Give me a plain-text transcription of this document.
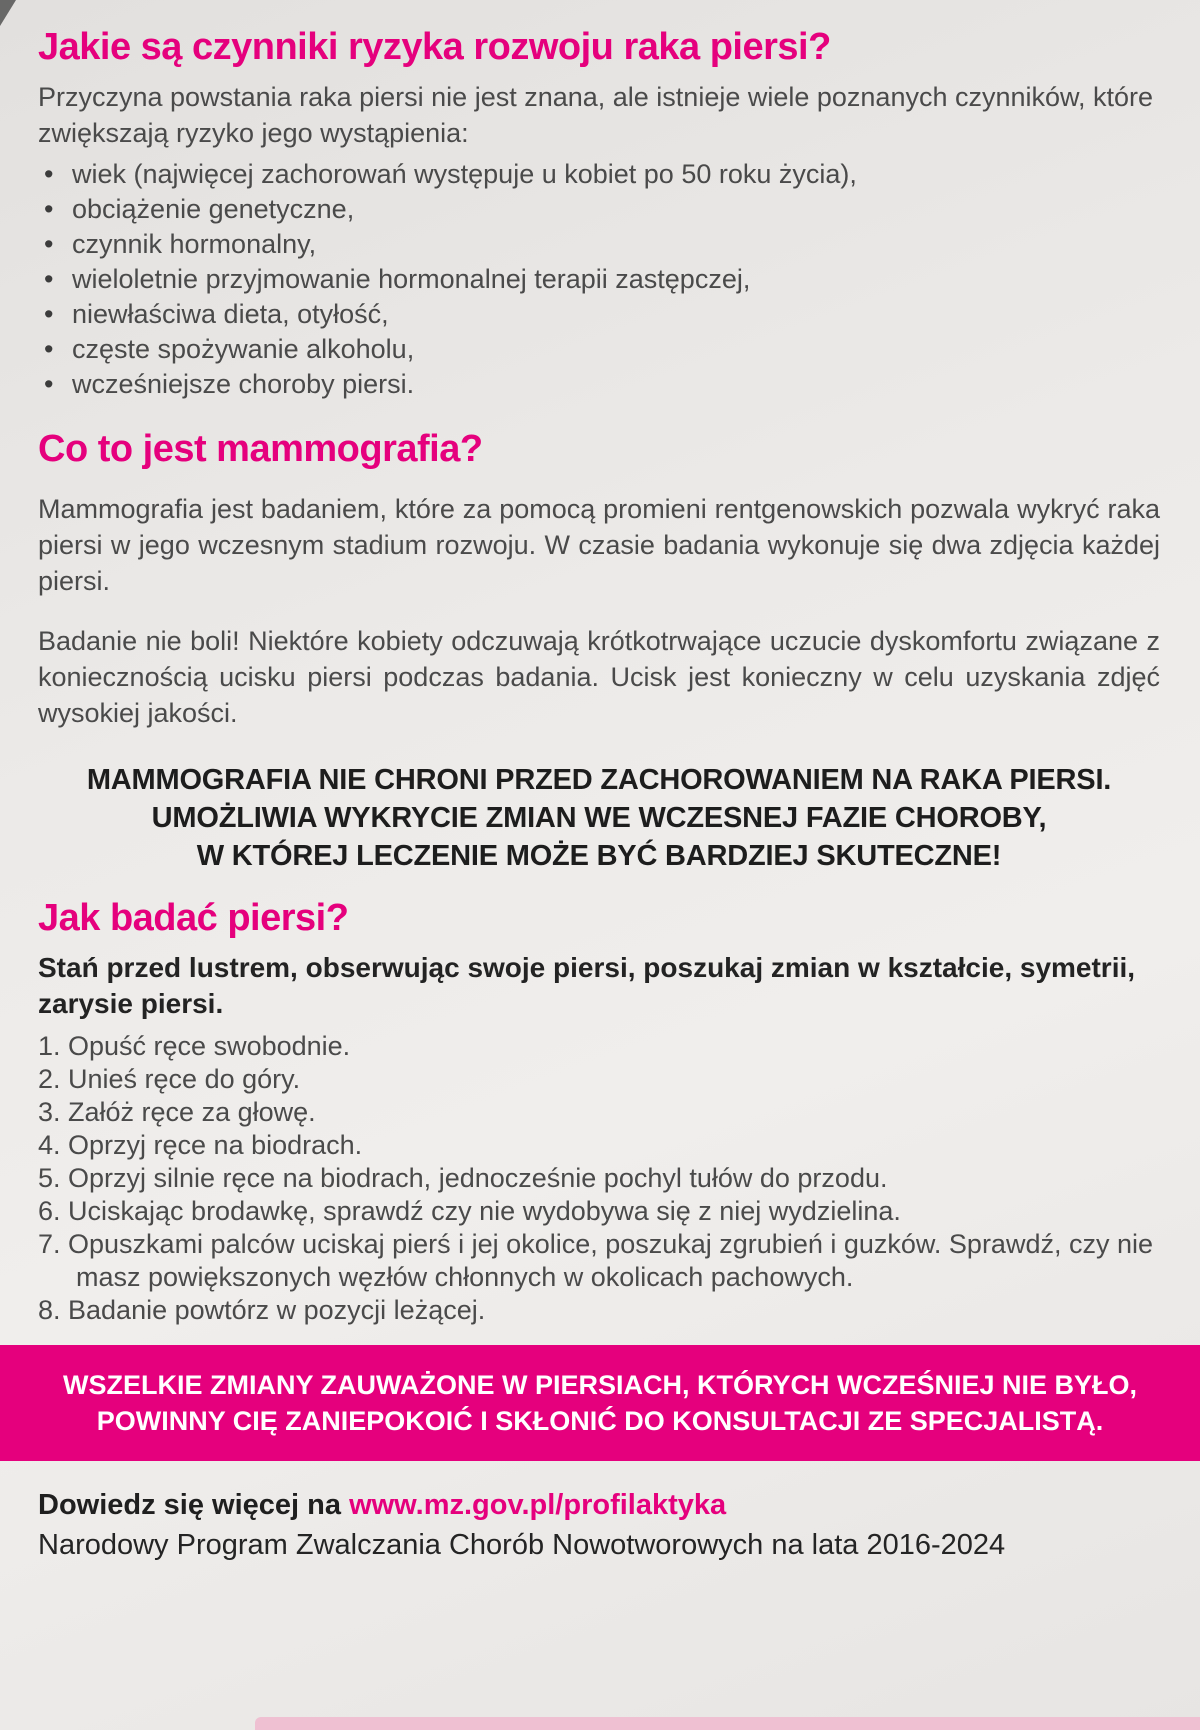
Jakie są czynniki ryzyka rozwoju raka piersi?

Przyczyna powstania raka piersi nie jest znana, ale istnieje wiele poznanych czynników, które zwiększają ryzyko jego wystąpienia:

• wiek (najwięcej zachorowań występuje u kobiet po 50 roku życia),
• obciążenie genetyczne,
• czynnik hormonalny,
• wieloletnie przyjmowanie hormonalnej terapii zastępczej,
• niewłaściwa dieta, otyłość,
• częste spożywanie alkoholu,
• wcześniejsze choroby piersi.
Co to jest mammografia?

Mammografia jest badaniem, które za pomocą promieni rentgenowskich pozwala wykryć raka piersi w jego wczesnym stadium rozwoju. W czasie badania wykonuje się dwa zdjęcia każdej piersi.

Badanie nie boli! Niektóre kobiety odczuwają krótkotrwające uczucie dyskomfortu związane z koniecznością ucisku piersi podczas badania. Ucisk jest konieczny w celu uzyskania zdjęć wysokiej jakości.

MAMMOGRAFIA NIE CHRONI PRZED ZACHOROWANIEM NA RAKA PIERSI.
UMOŻLIWIA WYKRYCIE ZMIAN WE WCZESNEJ FAZIE CHOROBY,
W KTÓREJ LECZENIE MOŻE BYĆ BARDZIEJ SKUTECZNE!
Jak badać piersi?

Stań przed lustrem, obserwując swoje piersi, poszukaj zmian w kształcie, symetrii, zarysie piersi.

1. Opuść ręce swobodnie.
2. Unieś ręce do góry.
3. Załóż ręce za głowę.
4. Oprzyj ręce na biodrach.
5. Oprzyj silnie ręce na biodrach, jednocześnie pochyl tułów do przodu.
6. Uciskając brodawkę, sprawdź czy nie wydobywa się z niej wydzielina.
7. Opuszkami palców uciskaj pierś i jej okolice, poszukaj zgrubień i guzków. Sprawdź, czy nie masz powiększonych węzłów chłonnych w okolicach pachowych.
8. Badanie powtórz w pozycji leżącej.
WSZELKIE ZMIANY ZAUWAŻONE W PIERSIACH, KTÓRYCH WCZEŚNIEJ NIE BYŁO,
POWINNY CIĘ ZANIEPOKOIĆ I SKŁONIĆ DO KONSULTACJI ZE SPECJALISTĄ.
Dowiedz się więcej na www.mz.gov.pl/profilaktyka
Narodowy Program Zwalczania Chorób Nowotworowych na lata 2016-2024
